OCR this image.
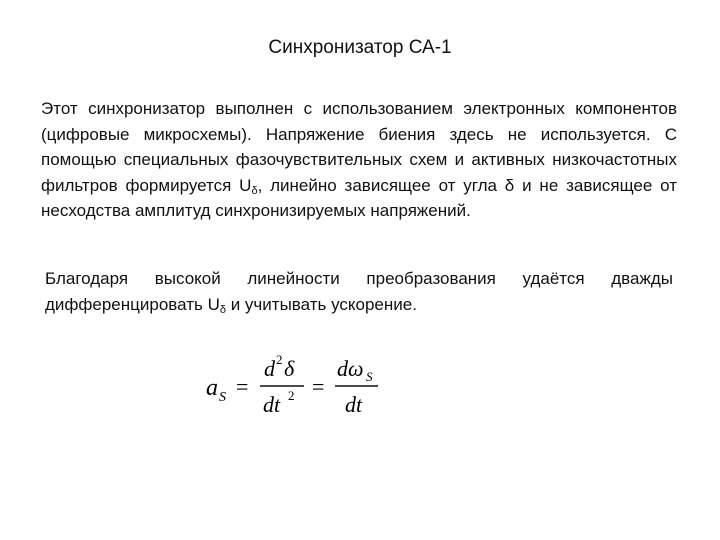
Синхронизатор СА-1

Этот синхронизатор выполнен с использованием электронных компонентов (цифровые микросхемы). Напряжение биения здесь не используется. С помощью специальных фазочувствительных схем и активных низкочастотных фильтров формируется $U_\delta$, линейно зависящее от угла δ и не зависящее от несходства амплитуд синхронизируемых напряжений.

Благодаря высокой линейности преобразования удаётся дважды дифференцировать $U_\delta$ и учитывать ускорение.

a S =
d 2 δ
dt 2 =
dω S
dt
